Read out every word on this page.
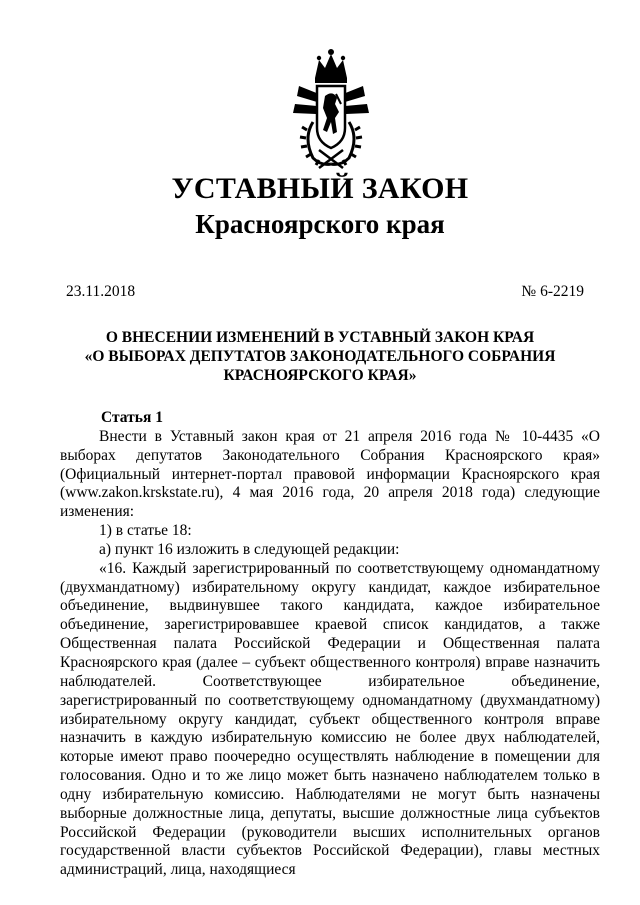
УСТАВНЫЙ ЗАКОН
Красноярского края
23.11.2018	№ 6-2219
О ВНЕСЕНИИ ИЗМЕНЕНИЙ В УСТАВНЫЙ ЗАКОН КРАЯ
«О ВЫБОРАХ ДЕПУТАТОВ ЗАКОНОДАТЕЛЬНОГО СОБРАНИЯ
КРАСНОЯРСКОГО КРАЯ»
Статья 1

Внести в Уставный закон края от 21 апреля 2016 года № 10-4435 «О выборах депутатов Законодательного Собрания Красноярского края» (Официальный интернет-портал правовой информации Красноярского края (www.zakon.krskstate.ru), 4 мая 2016 года, 20 апреля 2018 года) следующие изменения:

1) в статье 18:

а) пункт 16 изложить в следующей редакции:

«16. Каждый зарегистрированный по соответствующему одномандатному (двухмандатному) избирательному округу кандидат, каждое избирательное объединение, выдвинувшее такого кандидата, каждое избирательное объединение, зарегистрировавшее краевой список кандидатов, а также Общественная палата Российской Федерации и Общественная палата Красноярского края (далее – субъект общественного контроля) вправе назначить наблюдателей. Соответствующее избирательное объединение, зарегистрированный по соответствующему одномандатному (двухмандатному) избирательному округу кандидат, субъект общественного контроля вправе назначить в каждую избирательную комиссию не более двух наблюдателей, которые имеют право поочередно осуществлять наблюдение в помещении для голосования. Одно и то же лицо может быть назначено наблюдателем только в одну избирательную комиссию. Наблюдателями не могут быть назначены выборные должностные лица, депутаты, высшие должностные лица субъектов Российской Федерации (руководители высших исполнительных органов государственной власти субъектов Российской Федерации), главы местных администраций, лица, находящиеся
